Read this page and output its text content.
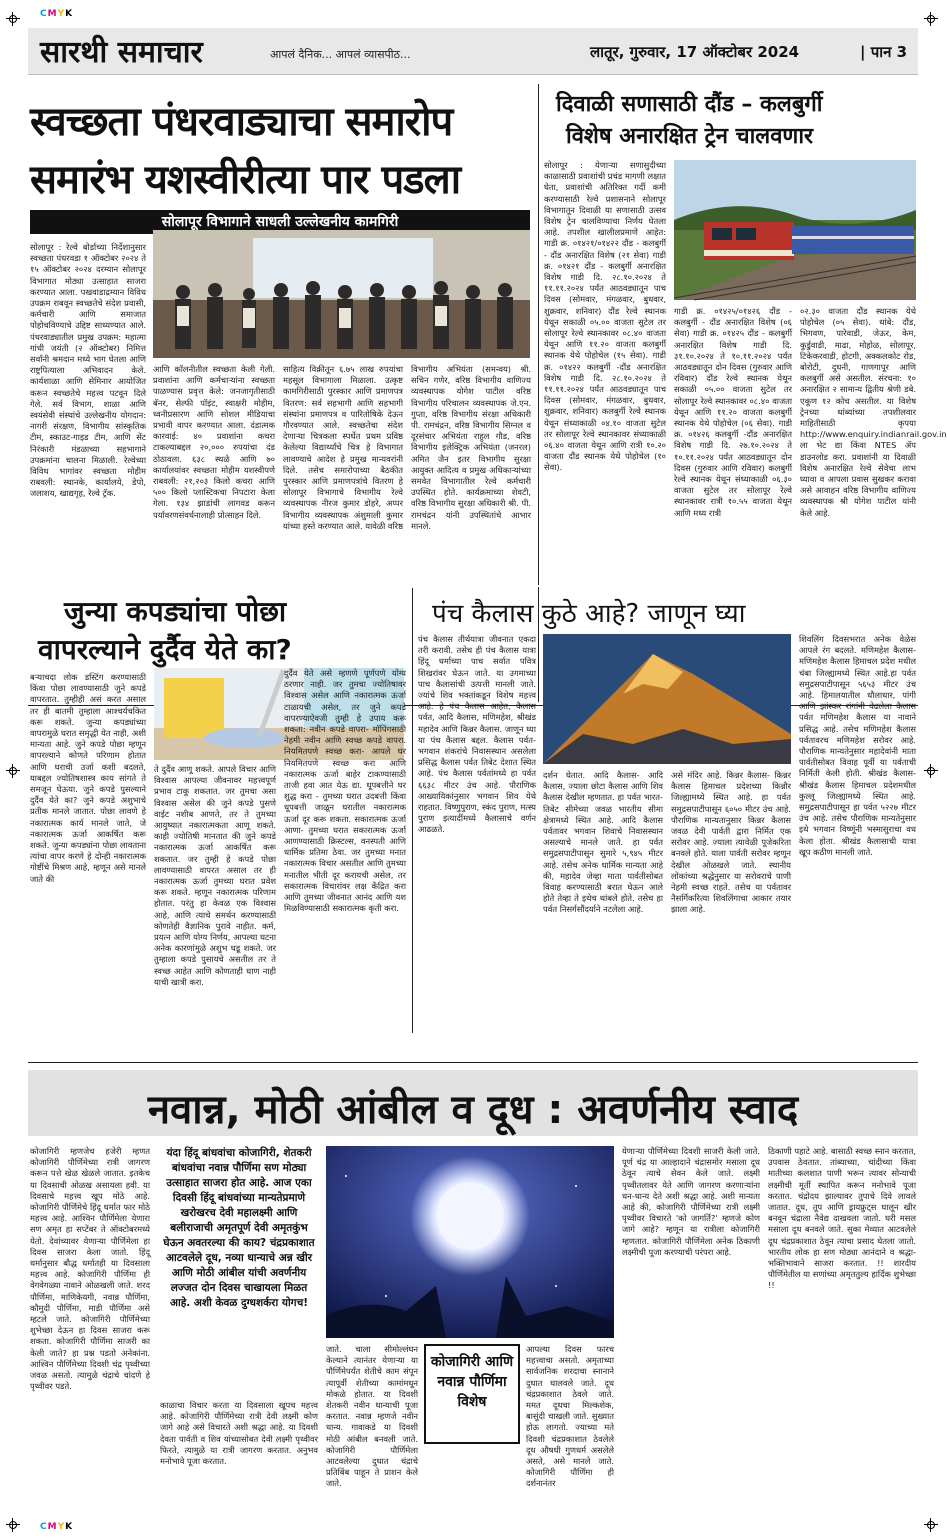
CMYK
सारथी समाचार	आपलं दैनिक... आपलं व्यासपीठ...	लातूर, गुरुवार, 17 ऑक्टोबर 2024	| पान 3
स्वच्छता पंधरवाड्याचा समारोप
समारंभ यशस्वीरीत्या पार पडला
सोलापूर विभागाने साधली उल्लेखनीय कामगिरी
सोलापूर : रेल्वे बोर्डाच्या निर्देशानुसार स्वच्छता पंधरवडा १ ऑक्टोबर २०२४ ते १५ ऑक्टोबर २०२४ दरम्यान सोलापूर विभागात मोठ्या उत्साहात साजरा करण्यात आला. पखवाडाद्रम्यान विविध उपक्रम राबवून स्वच्छतेचे संदेश प्रवासी, कर्मचारी आणि समाजात पोहोचविण्याचे उद्दिष्ट साध्यण्यात आले. पंधरवाड्यातील प्रमुख उपक्रम: महात्मा गांधी जयंती (२ ऑक्टोबर) निमित्त सर्वांनी श्रमदान मध्ये भाग घेतला आणि राष्ट्रपित्याला अभिवादन केले. कार्यशाळा आणि सेमिनार आयोजित करून स्वच्छतेचे महत्त्व पटवून दिले गेले. सर्व विभाग, शाळा आणि स्वयंसेवी संस्थांचे उल्लेखनीय योगदान: नागरी संरक्षण, विभागीय सांस्कृतिक टीम, स्काउट-गाइड टीम, आणि सेंट निरंकारी मंडळाच्या सहभागाने उपक्रमांना चालना मिळाली. रेल्वेच्या विविध भागांवर स्वच्छता मोहीम राबवली: स्थानके, कार्यालये, डेपो, जलाशय, खाद्यगृह, रेल्वे ट्रॅक.
आणि कॉलनीतील स्वच्छता केली गेली. प्रवाशांना आणि कर्मचाऱ्यांना स्वच्छता पाळण्यास प्रवृत्त केले: जनजागृतीसाठी बॅनर, सेल्फी पॉइंट, स्वाक्षरी मोहीम, ध्वनीप्रसारण आणि सोशल मीडियाचा प्रभावी वापर करण्यात आला. दंडात्मक कारवाई: ४० प्रवाशांना कचरा टाकल्याबद्दल २०,००० रुपयांचा दंड ठोठावला. ६३८ स्थळे आणि ७० कार्यालयांवर स्वच्छता मोहीम यशस्वीपणे राबवली: २१,२०३ किलो कचरा आणि ५०० किलो प्लास्टिकचा निपटारा केला गेला. १३४ झाडांची लागवड करून पर्यावरणसंवर्धनालाही प्रोत्साहन दिले.
साहित्य विक्रीतून ६.७५ लाख रुपयांचा महसूल विभागाला मिळाला. उत्कृष्ट कामगिरीसाठी पुरस्कार आणि प्रमाणपत्र वितरण: सर्व सहभागी आणि सहभागी संस्थांना प्रमाणपत्र व पारितोषिके देऊन गौरवण्यात आले. स्वच्छतेचा संदेश देणाऱ्या चित्रकला स्पर्धेत प्रथम प्रविष्ठ केलेल्या विद्यार्थ्यांचे चित्र हे विभागात लावण्याचे आदेश हे प्रमुख मान्यवरांनी दिले. तसेच समारोपाच्या बैठकीत पुरस्कार आणि प्रमाणपत्रांचे वितरण हे सोलापूर विभागाचे विभागीय रेल्वे व्यवस्थापक नीरज कुमार डोहरे, अप्पर विभागीय व्यवस्थापक अंशुमाली कुमार यांच्या हस्ते करण्यात आले. यावेळी वरिष्ठ
विभागीय अभियंता (समन्वय) श्री. सचिन गणेर, वरिष्ठ विभागीय वाणिज्य व्यवस्थापक योगेश पाटील वरिष्ठ विभागीय परिचालन व्यवस्थापक जे.एन. गुप्ता, वरिष्ठ विभागीय संरक्षा अधिकारी पी. रामचंद्रन, वरिष्ठ विभागीय सिग्नल व दूरसंचार अभियंता राहुल गौड, वरिष्ठ विभागीय इलेक्ट्रिक अभियंता (जनरल) अमित जैन इतर विभागीय सुरक्षा आयुक्त आदित्य व प्रमुख अधिकाऱ्यांच्या समवेत विभागातील रेल्वे कर्मचारी उपस्थित होते. कार्यक्रमाच्या शेवटी, वरिष्ठ विभागीय सुरक्षा अधिकारी श्री. पी. रामचंद्रन यांनी उपस्थितांचे आभार मानले.
दिवाळी सणासाठी दौंड – कलबुर्गी
विशेष अनारक्षित ट्रेन चालवणार
सोलापूर : येणाऱ्या सणासुदीच्या काळासाठी प्रवाशांची प्रचंड मागणी लक्षात घेता, प्रवाशांची अतिरिक्त गर्दी कमी करण्यासाठी रेल्वे प्रशासनाने सोलापूर विभागातून दिवाळी या सणासाठी उत्सव विशेष ट्रेन चालविण्याचा निर्णय घेतला आहे. तपशील खालीलप्रमाणे आहेत: गाडी क्र. ०१४२१/०१४२२ दौंड - कलबुर्गी - दौंड अनारक्षित विशेष (२१ सेवा) गाडी क्र. ०१४२१ दौंड - कलबुर्गी अनारक्षित विशेष गाडी दि. २८.१०.२०२४ ते ११.११.२०२४ पर्यंत आठवड्यातून पाच दिवस (सोमवार, मंगळवार, बुधवार, शुक्रवार, शनिवार) दौंड रेल्वे स्थानक येथून सकाळी ०५.०० वाजता सुटेल तर सोलापूर रेल्वे स्थानकावर ०८.४० वाजता येथून आणि ११.२० वाजता कलबुर्गी स्थानक येथे पोहोचेल (१५ सेवा). गाडी क्र. ०१४२२ कलबुर्गी -दौंड अनारक्षित विशेष गाडी दि. २८.१०.२०२४ ते ११.११.२०२४ पर्यंत आठवड्यातून पाच दिवस (सोमवार, मंगळवार, बुधवार, शुक्रवार, शनिवार) कलबुर्गी रेल्वे स्थानक येथून संध्याकाळी ०४.१० वाजता सुटेल तर सोलापूर रेल्वे स्थानकावर संध्याकाळी ०६.४० वाजता येथून आणि रात्री १०.२० वाजता दौंड स्थानक येथे पोहोचेल (१० सेवा).
गाडी क्र. ०१४२५/०१४२६ दौंड - कलबुर्गी - दौंड अनारक्षित विशेष (०६ सेवा) गाडी क्र. ०१४२५ दौंड - कलबुर्गी अनारक्षित विशेष गाडी दि. ३१.१०.२०२४ ते १०.११.२०२४ पर्यंत आठवड्यातून दोन दिवस (गुरुवार आणि रविवार) दौंड रेल्वे स्थानक येथून सकाळी ०५.०० वाजता सुटेल तर सोलापूर रेल्वे स्थानकावर ०८.४० वाजता येथून आणि ११.२० वाजता कलबुर्गी स्थानक येथे पोहोचेल (०६ सेवा). गाडी क्र. ०१४२६ कलबुर्गी -दौंड अनारक्षित विशेष गाडी दि. २७.१०.२०२४ ते १०.११.२०२४ पर्यंत आठवड्यातून दोन दिवस (गुरुवार आणि रविवार) कलबुर्गी रेल्वे स्थानक येथून संध्याकाळी ०६.३० वाजता सुटेल तर सोलापूर रेल्वे स्थानकावर रात्री १०.५५ वाजता येथून आणि मध्य रात्री
०२.३० वाजता दौंड स्थानक येथे पोहोचेल (०५ सेवा). थांबे: दौंड, भिगवण, पारेवाडी, जेऊर, केम, कुर्डुवाडी, माढा, मोहोळ, सोलापूर, टिकेकरवाडी, होटगी, अक्कलकोट रोड, बोरोटी, दुधनी, गाणगापूर आणि कलबुर्गी असे असतील. संरचना: १० अनारक्षित २ सामान्य द्वितीय श्रेणी डबे. एकूण १२ कोच असतील. या विशेष ट्रेनच्या थांब्यांच्या तपशीलवार माहितीसाठी कृपया http://www.enquiry.indianrail.gov.in ला भेट द्या किंवा NTES ॲप डाउनलोड करा. प्रवाशांनी या दिवाळी विशेष अनारक्षित रेल्वे सेवेचा लाभ घ्यावा व आपला प्रवास सुखकर करावा असे आवाहन वरिष्ठ विभागीय वाणिज्य व्यवस्थापक श्री योगेश पाटील यांनी केले आहे.
जुन्या कपड्यांचा पोछा
वापरल्याने दुर्दैव येते का?
पंच कैलास कुठे आहे? जाणून घ्या
बऱ्याचदा लोक डस्टिंग करण्यासाठी किंवा पोछा लावण्यासाठी जुने कपडे वापरतात. तुम्हीही असं करत असाल तर ही बातमी तुम्हाला आश्चर्यचकित करू शकते. जुन्या कपड्यांच्या वापरामुळे घरात समृद्धी येत नाही, अशी मान्यता आहे. जुने कपडे पोछा म्हणून वापरल्याने कोणते परिणाम होतात आणि घराची उर्जा कशी बदलते, याबद्दल ज्योतिषशास्त्र काय सांगते ते समजून घेऊया. जुने कपडे पुसल्याने दुर्दैव येते का? जुने कपडे अशुभाचे प्रतीक मानले जातात. पोछा लावणे हे नकारात्मक कार्य मानले जाते, जे नकारात्मक ऊर्जा आकर्षित करू शकते. जुन्या कपड्यांना पोछा लावताना त्यांचा वापर करणे हे दोन्ही नकारात्मक गोष्टींचे मिश्रण आहे, म्हणून असे मानले जाते की
ते दुर्दैव आणू शकते. आपले विचार आणि विश्वास आपल्या जीवनावर महत्त्वपूर्ण प्रभाव टाकू शकतात. जर तुमचा असा विश्वास असेल की जुने कपडे पुसणे वाईट नशीब आणते, तर ते तुमच्या आयुष्यात नकारात्मकता आणू शकते. काही ज्योतिषी मानतात की जुने कपडे नकारात्मक ऊर्जा आकर्षित करू शकतात. जर तुम्ही हे कपडे पोछा लावण्यासाठी वापरत असाल तर ही नकारात्मक ऊर्जा तुमच्या घरात प्रवेश करू शकते. म्हणून नकारात्मक परिणाम होतात. परंतु हा केवळ एक विश्वास आहे, आणि त्याचे समर्थन करण्यासाठी कोणतेही वैज्ञानिक पुरावे नाहीत. कर्म, प्रयत्न आणि योग्य निर्णय, आपल्या घटना अनेक कारणांमुळे अशुभ घडू शकते. जर तुम्हाला कपडे पुसायचे असतील तर ते स्वच्छ आहेत आणि कोणताही घाण नाही याची खात्री करा.
दुर्दैव येते असे म्हणणे पूर्णपणे योग्य ठरणार नाही. जर तुमचा ज्योतिषावर विश्वास असेल आणि नकारात्मक ऊर्जा टाळायची असेल, तर जुने कपडे वापरण्याऐवजी तुम्ही हे उपाय करू शकता: नवीन कपडे वापरा- मॉपिंगसाठी नेहमी नवीन आणि स्वच्छ कपडे वापरा. नियमितपणे स्वच्छ करा- आपले घर नियमितपणे स्वच्छ करा आणि नकारात्मक ऊर्जा बाहेर टाकण्यासाठी ताजी हवा आत येऊ द्या. धूपबत्तीने घर शुद्ध करा - तुमच्या घरात उदबत्ती किंवा धूपबत्ती जाळून घरातील नकारात्मक ऊर्जा दूर करू शकता. सकारात्मक ऊर्जा आणा- तुमच्या घरात सकारात्मक ऊर्जा आणण्यासाठी क्रिस्टल्स, वनस्पती आणि धार्मिक प्रतिमा ठेवा. जर तुमच्या मनात नकारात्मक विचार असतील आणि तुमच्या मनातील भीती दूर करायची असेल, तर सकारात्मक विचारांवर लक्ष केंद्रित करा आणि तुमच्या जीवनात आनंद आणि यश मिळविण्यासाठी सकारात्मक कृती करा.
पंच कैलास तीर्थयात्रा जीवनात एकदा तरी करावी. तसेच ही पंच कैलास यात्रा हिंदू धर्माच्या पाच सर्वात पवित्र शिखरांवर घेऊन जाते. या उगमाच्या पाच कैलासांची उत्पत्ती मानली जाते. ज्यांचे शिव भक्तांकडून विशेष महत्त्व आहे. हे पंच कैलास आहेत, कैलास पर्वत, आदि कैलास, मणिमहेश, श्रीखंड महादेव आणि किन्नर कैलास. जाणून घ्या या पंच कैलास बद्दल. कैलास पर्वत- भगवान शंकरांचे निवासस्थान असलेला प्रसिद्ध कैलास पर्वत तिबेट देशात स्थित आहे. पंच कैलास पर्वतांमध्ये हा पर्वत ६६३८ मीटर उंच आहे. पौराणिक आख्यायिकांनुसार भगवान शिव येथे राहतात. विष्णुपुराण, स्कंद पुराण, मत्स्य पुराण इत्यादींमध्ये कैलासाचे वर्णन आढळते.
दर्शन घेतात. आदि कैलास- आदि कैलास, ज्याला छोटा कैलास आणि शिव कैलास देखील म्हणतात. हा पर्वत भारत-तिबेट सीमेच्या जवळ भारतीय सीमा क्षेत्रामध्ये स्थित आहे. आदि कैलास पर्वतावर भगवान शिवाचे निवासस्थान असल्याचे मानले जाते. हा पर्वत समुद्रसपाटीपासून सुमारे ५,९४५ मीटर आहे. तसेच अनेक धार्मिक मान्यता आहे की, महादेव जेव्हा माता पार्वतीसोबत विवाह करण्यासाठी बरात घेऊन आले होते तेव्हा ते इथेच थांबले होते. तसेच हा पर्वत निसर्गसौंदर्याने नटलेला आहे.
असे मंदिर आहे. किन्नर कैलास- किन्नर कैलास हिमाचल प्रदेशच्या किन्नौर जिल्ह्यामध्ये स्थित आहे. हा पर्वत समुद्रसपाटीपासून ६०५० मीटर उंच आहे. पौराणिक मान्यतानुसार किन्नर कैलास जवळ देवी पार्वती द्वारा निर्मित एक सरोवर आहे. ज्याला त्यावेळी पूजेकरिता बनवले होते. याला पार्वती सरोवर म्हणून देखील ओळखले जाते. स्थानीय लोकांच्या श्रद्धेनुसार या सरोवराचे पाणी नेहमी स्वच्छ राहते. तसेच या पर्वतावर नैसर्गिकरित्या शिवलिंगाचा आकार तयार झाला आहे.
शिवलिंग दिवसभरात अनेक वेळेस आपले रंग बदलते. मणिमहेश कैलास- मणिमहेश कैलास हिमाचल प्रदेश मधील चंबा जिल्ह्यामध्ये स्थित आहे.हा पर्वत समुद्रसपाटीपासून ५६५३ मीटर उंच आहे. हिमालयातील धौलाधार, पांगी आणि झांस्कर रांगांनी वेढलेला कैलास पर्वत मणिमहेश कैलास या नावाने प्रसिद्ध आहे. तसेच मणिमहेश कैलास पर्वतावरच मणिमहेश सरोवर आहे. पौराणिक मान्यतेनुसार महादेवांनी माता पार्वतीसोबत विवाह पूर्वी या पर्वताची निर्मिती केली होती. श्रीखंड कैलास- श्रीखंड कैलास हिमाचल प्रदेशमधील कुल्लू जिल्ह्यामध्ये स्थित आहे. समुद्रसपाटीपासून हा पर्वत ५२२७ मीटर उंच आहे. तसेच पौराणिक मान्यतेनुसार इथे भगवान विष्णूंनी भस्मासुराचा वध केला होता. श्रीखंड कैलासाची यात्रा खूप कठीण मानली जाते.
नवान्न, मोठी आंबील व दूध : अवर्णनीय स्वाद
कोजागिरी म्हणजेच हजेरी म्हणत कोजागिरी पौर्णिमेच्या रात्री जागरण करून पत्ते खेळ खेळले जातात. इतकेच या दिवसाची ओळख असायला हवी. या दिवसाचे महत्त्व खूप मोठे आहे. कोजागिरी पौर्णिमेचे हिंदू धर्मात फार मोठे महत्त्व आहे. आश्विन पौर्णिमेला येणारा सण अमृत हा सप्टेंबर ते ऑक्टोबरमध्ये येतो. देवांच्यावर येणाऱ्या पौर्णिमेला हा दिवस साजरा केला जातो. हिंदू धर्मानुसार बौद्ध धर्मातही या दिवसाला महत्त्व आहे. कोजागिरी पौर्णिमा ही वेगवेगळ्या नावाने ओळखली जाते. शरद पौर्णिमा, माणिकेयगी, नवान्न पौर्णिमा, कौमुदी पौर्णिमा, माडी पौर्णिमा असे म्हटले जाते. कोजागिरी पौर्णिमेच्या शुभेच्छा देऊन हा दिवस साजरा करू शकता. कोजागिरी पौर्णिमा साजरी का केली जाते? हा प्रश्न पडतो अनेकांना. आश्विन पौर्णिमेच्या दिवशी चंद्र पृथ्वीच्या जवळ असतो. त्यामुळे चंद्राचे चांदणे हे पृथ्वीवर पडते.
यंदा हिंदू बांधवांचा कोजागिरी, शेतकरी बांधवांचा नवान्न पौर्णिमा सण मोठ्या उत्साहात साजरा होत आहे. आज एका दिवसी हिंदू बांधवांच्या मान्यतेप्रमाणे खरोखरच देवी महालक्ष्मी आणि बलीराजाची अमृतपूर्ण देवी अमृतकुंभ घेऊन अवतरल्या की काय? चंद्रप्रकाशात आटवलेले दूध, नव्या धान्याचे अन्न खीर आणि मोठी आंबील यांची अवर्णनीय लज्जत दोन दिवस चाखायला मिळत आहे. अशी केवळ दुग्धशर्करा योगच!
काळाचा विचार करता या दिवसाला खूपच महत्त्व आहे. कोजागिरी पौर्णिमेच्या रात्री देवी लक्ष्मी कोण जागे आहे असे विचारते अशी श्रद्धा आहे. या दिवशी देवता पार्वती व शिव यांच्यासोबत देवी लक्ष्मी पृथ्वीवर फिरते, त्यामुळे या रात्री जागरण करतात. अनुभव मनोभावे पूजा करतात.
जाते. चाला सीमोल्लंघन केल्याने त्यानंतर येणाऱ्या या पौर्णिमेपर्यंत शेतीचे काम संपून त्यापूर्वी शेतीच्या कामांमधून मोकळे होतात. या दिवशी शेतकरी नवीन धान्याची पूजा करतात. नवान्न म्हणजे नवीन धान्य. गावाकडे या दिवशी मोठी आंबील बनवली जाते. कोजागिरी पौर्णिमेला आटवलेल्या दुधात चंद्राचे प्रतिबिंब पाहून ते प्राशन केले जाते.
कोजागिरी आणि नवान्न पौर्णिमा विशेष
आपल्या दिवस फारच महत्त्वाचा असतो. अमृताच्या सार्वजनिक शरदाचा स्नानाने दुधात घालवले जाते. दूध चंद्रप्रकाशात ठेवले जाते. ममत दूधचा मिल्कशेक, बासुंदी चाखली जाते. सुख्यात होऊ लागतो. ज्याच्या मते दिवशी चंद्रप्रकाशात ठेवलेले दूध औषधी गुणधर्म असलेले असते, असे मानले जाते. कोजागिरी पौर्णिमा ही दर्शनानंतर
येणाऱ्या पौर्णिमेच्या दिवशी साजरी केली जाते. पूर्ण चंद्र या आल्हादाने चंद्रासमोर मसाला दूध ठेवून त्याचे सेवन केले जाते. लक्ष्मी पृथ्वीतलावर येते आणि जागरण करणाऱ्यांना धन-धान्य देते अशी श्रद्धा आहे. अशी मान्यता आहे की, कोजागिरी पौर्णिमेच्या रात्री लक्ष्मी पृथ्वीवर विचारते 'को जागर्ति?' म्हणजे कोण जागे आहे? म्हणून या रात्रीला कोजागिरी म्हणतात. कोजागिरी पौर्णिमेला अनेक ठिकाणी लक्ष्मीची पूजा करण्याची परंपरा आहे.
ठिकाणी पहाटे आहे. बासाठी स्वच्छ स्नान करतात, उपवास ठेवतात. तांब्याच्या, चांदीच्या किंवा मातीच्या कलशात पाणी भरून त्यावर सोन्याची लक्ष्मीची मूर्ती स्थापित करून मनोभावे पूजा करतात. चंद्रोदय झाल्यावर तुपाचे दिवे लावले जातात. दूध, तूप आणि ड्रायफ्रुट्स घालून खीर बनवून चंद्राला नैवेद्य दाखवला जातो. घरी मसल मसाला दूध बनवले जाते. सुका मेव्यात आटवलेले दूध चंद्रप्रकाशात ठेवून त्याचा प्रसाद घेतला जातो. भारतीय लोक हा सण मोठ्या आनंदाने व श्रद्धा-भक्तिभावाने साजरा करतात. !! शारदीय पौर्णिमेतील या सणांच्या अमृततुल्य हार्दिक शुभेच्छा !!
CMYK
